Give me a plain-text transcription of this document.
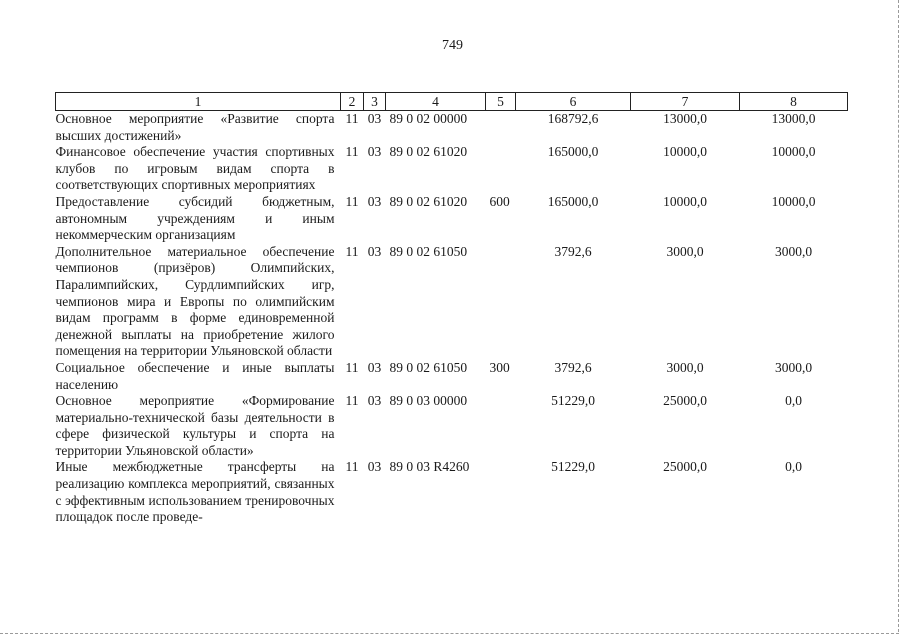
749
1	2	3	4	5	6	7	8
Основное мероприятие «Развитие спорта высших достижений»	11	03	89 0 02 00000		168792,6	13000,0	13000,0
Финансовое обеспечение участия спортивных клубов по игровым видам спорта в соответствующих спортивных мероприятиях	11	03	89 0 02 61020		165000,0	10000,0	10000,0
Предоставление субсидий бюджетным, автономным учреждениям и иным некоммерческим организациям	11	03	89 0 02 61020	600	165000,0	10000,0	10000,0
Дополнительное материальное обеспечение чемпионов (призёров) Олимпийских, Паралимпийских, Сурдлимпийских игр, чемпионов мира и Европы по олимпийским видам программ в форме единовременной денежной выплаты на приобретение жилого помещения на территории Ульяновской области	11	03	89 0 02 61050		3792,6	3000,0	3000,0
Социальное обеспечение и иные выплаты населению	11	03	89 0 02 61050	300	3792,6	3000,0	3000,0
Основное мероприятие «Формирование материально-технической базы деятельности в сфере физической культуры и спорта на территории Ульяновской области»	11	03	89 0 03 00000		51229,0	25000,0	0,0
Иные межбюджетные трансферты на реализацию комплекса мероприятий, связанных с эффективным использованием тренировочных площадок после проведе-	11	03	89 0 03 R4260		51229,0	25000,0	0,0
